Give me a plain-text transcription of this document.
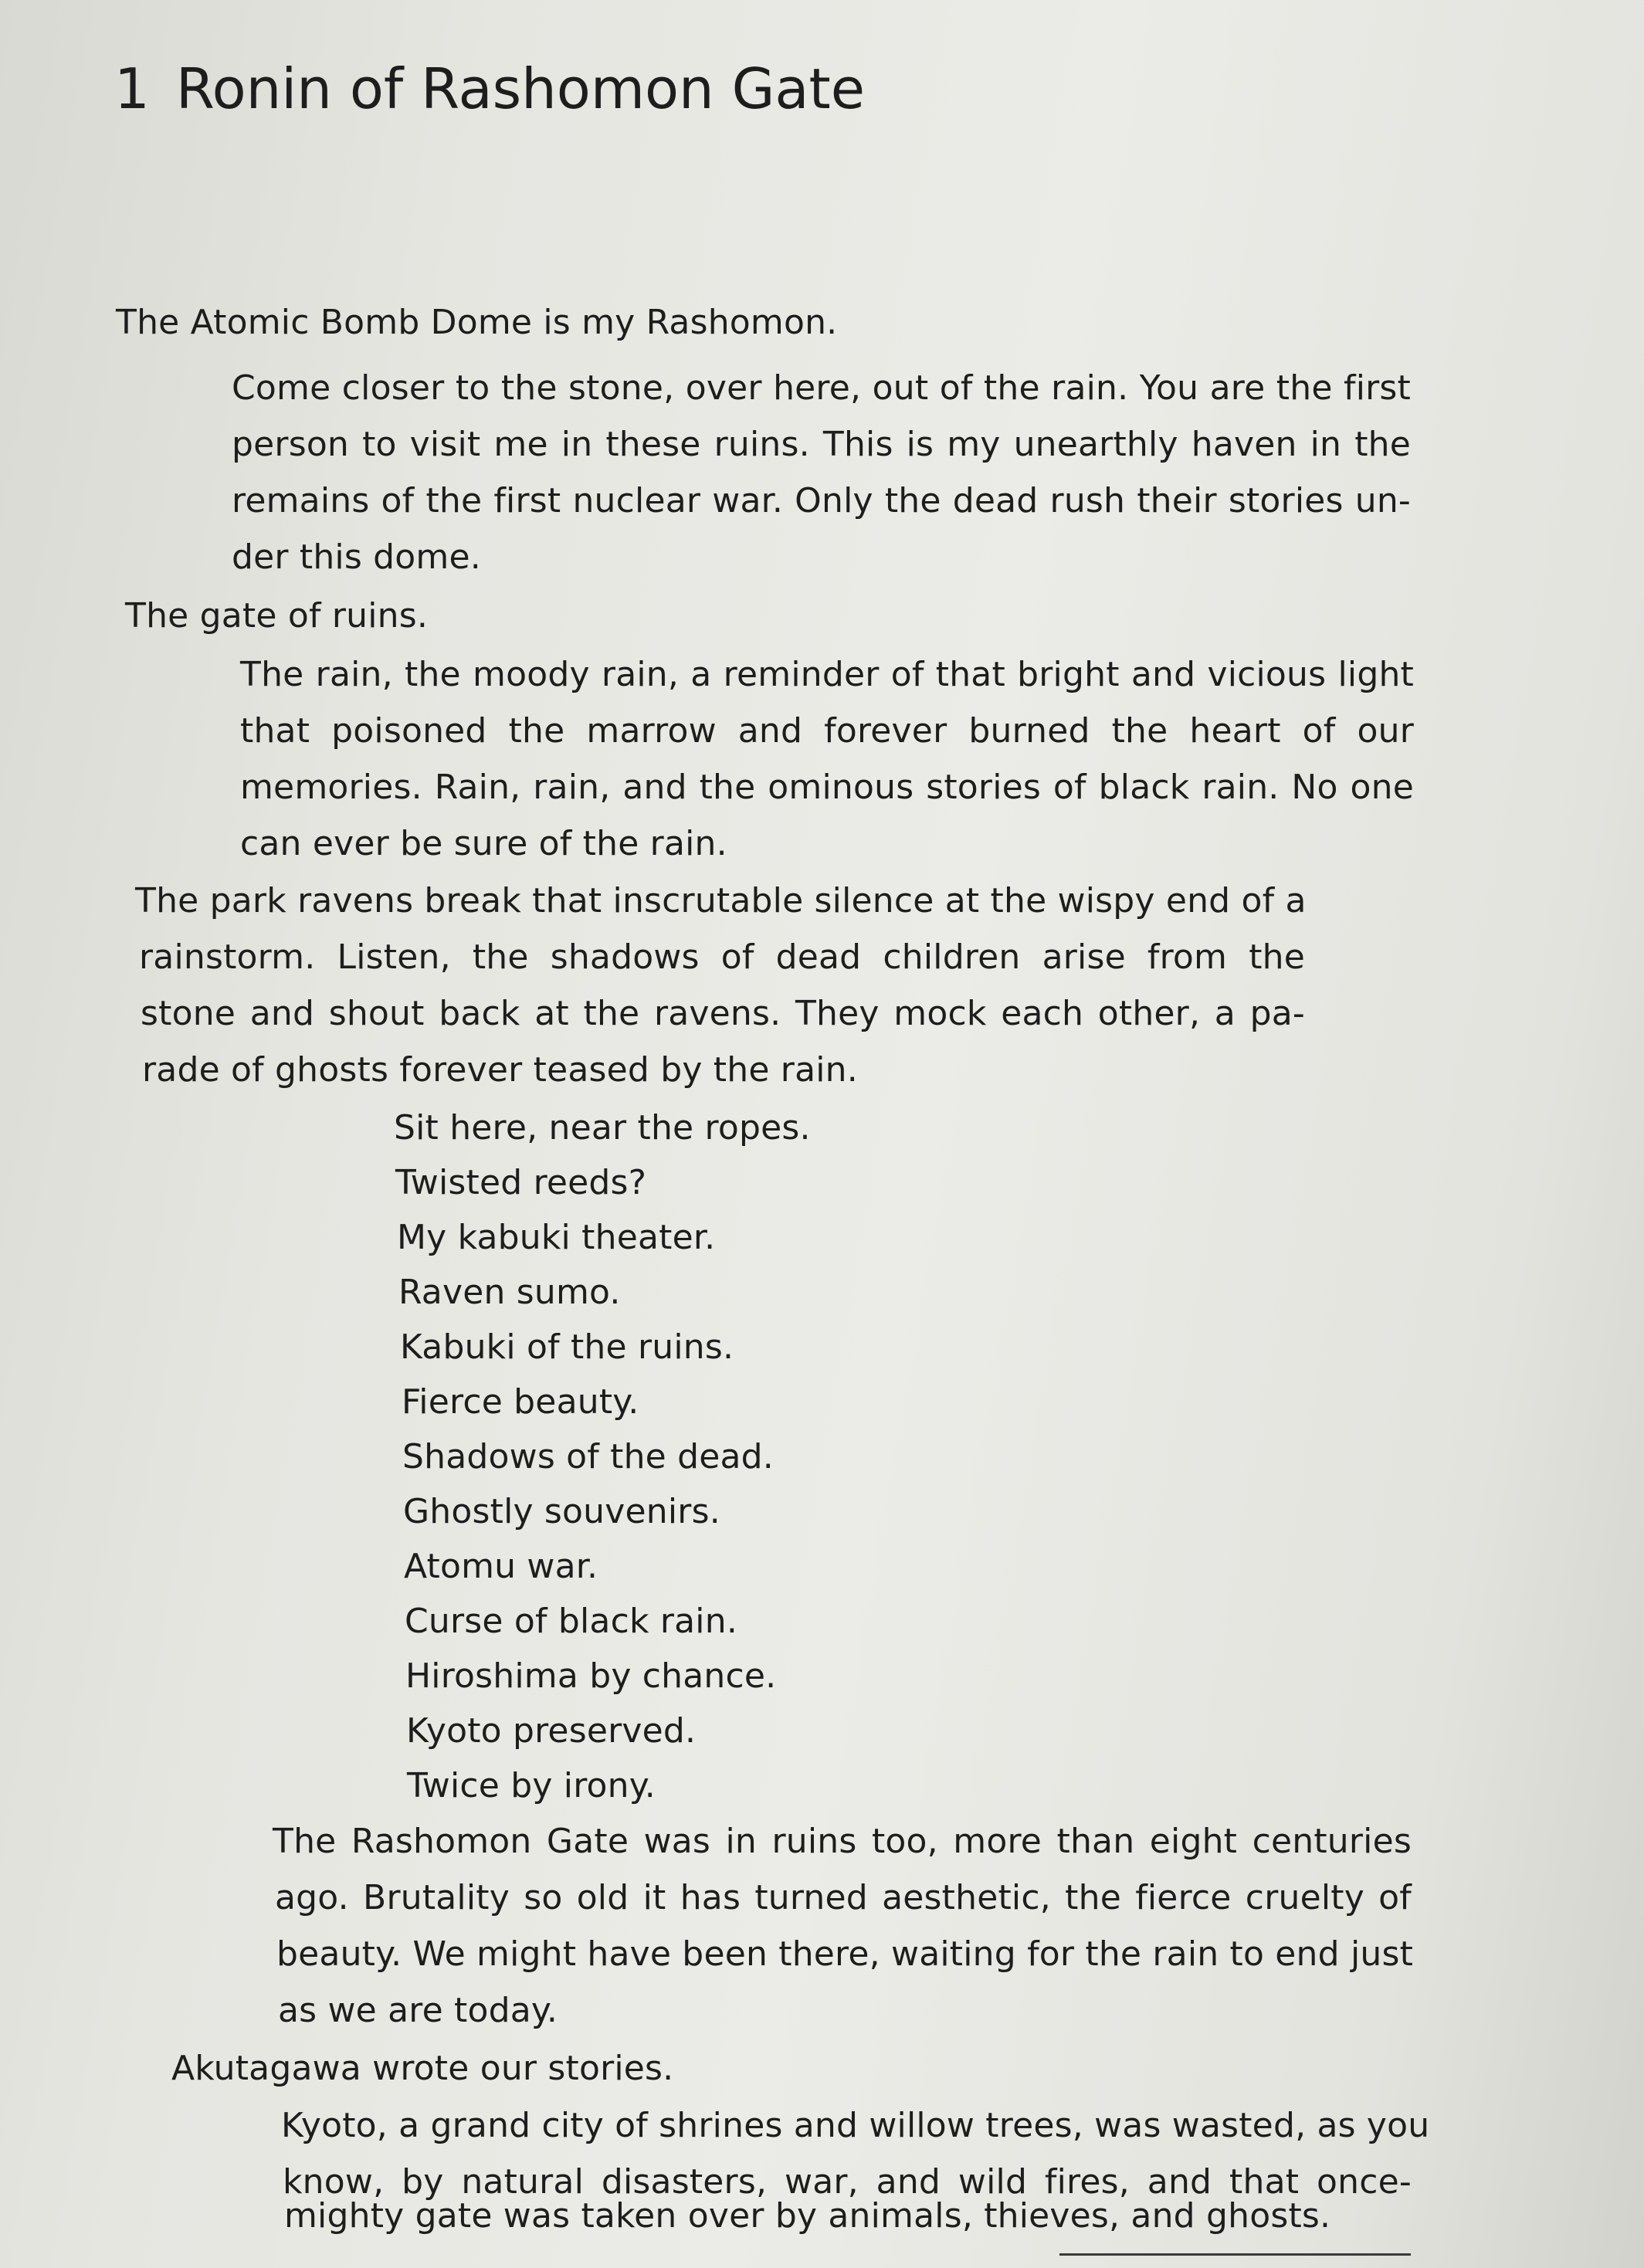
1 Ronin of Rashomon Gate
The Atomic Bomb Dome is my Rashomon.
Come closer to the stone, over here, out of the rain. You are the first
person to visit me in these ruins. This is my unearthly haven in the
remains of the first nuclear war. Only the dead rush their stories un-
der this dome.
The gate of ruins.
The rain, the moody rain, a reminder of that bright and vicious light
that poisoned the marrow and forever burned the heart of our
memories. Rain, rain, and the ominous stories of black rain. No one
can ever be sure of the rain.
The park ravens break that inscrutable silence at the wispy end of a
rainstorm. Listen, the shadows of dead children arise from the
stone and shout back at the ravens. They mock each other, a pa-
rade of ghosts forever teased by the rain.
Sit here, near the ropes.
Twisted reeds?
My kabuki theater.
Raven sumo.
Kabuki of the ruins.
Fierce beauty.
Shadows of the dead.
Ghostly souvenirs.
Atomu war.
Curse of black rain.
Hiroshima by chance.
Kyoto preserved.
Twice by irony.
The Rashomon Gate was in ruins too, more than eight centuries
ago. Brutality so old it has turned aesthetic, the fierce cruelty of
beauty. We might have been there, waiting for the rain to end just
as we are today.
Akutagawa wrote our stories.
Kyoto, a grand city of shrines and willow trees, was wasted, as you
know, by natural disasters, war, and wild fires, and that once-
mighty gate was taken over by animals, thieves, and ghosts.
